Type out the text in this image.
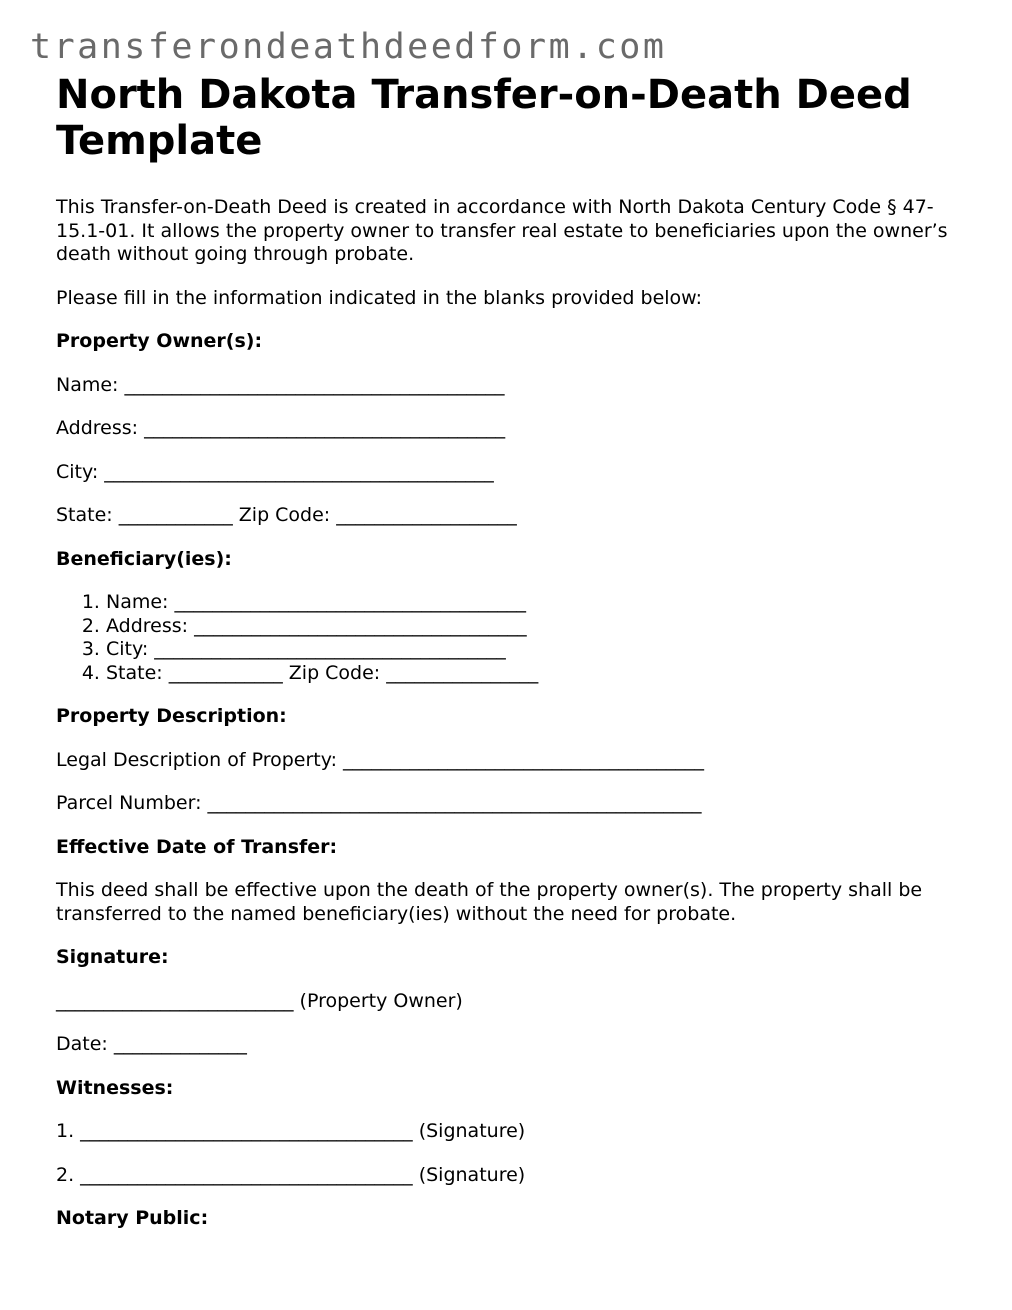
transferondeathdeedform.com
North Dakota Transfer-on-Death Deed Template

This Transfer-on-Death Deed is created in accordance with North Dakota Century Code § 47-15.1-01. It allows the property owner to transfer real estate to beneficiaries upon the owner’s death without going through probate.

Please fill in the information indicated in the blanks provided below:

Property Owner(s):

Name: ________________________________________

Address: ______________________________________

City: _________________________________________

State: ____________ Zip Code: ___________________

Beneficiary(ies):

1. Name: _____________________________________
2. Address: ___________________________________
3. City: _____________________________________
4. State: ____________ Zip Code: ________________

Property Description:

Legal Description of Property: ______________________________________

Parcel Number: ____________________________________________________

Effective Date of Transfer:

This deed shall be effective upon the death of the property owner(s). The property shall be transferred to the named beneficiary(ies) without the need for probate.

Signature:

_________________________ (Property Owner)

Date: ______________

Witnesses:

1. ___________________________________ (Signature)

2. ___________________________________ (Signature)

Notary Public:
